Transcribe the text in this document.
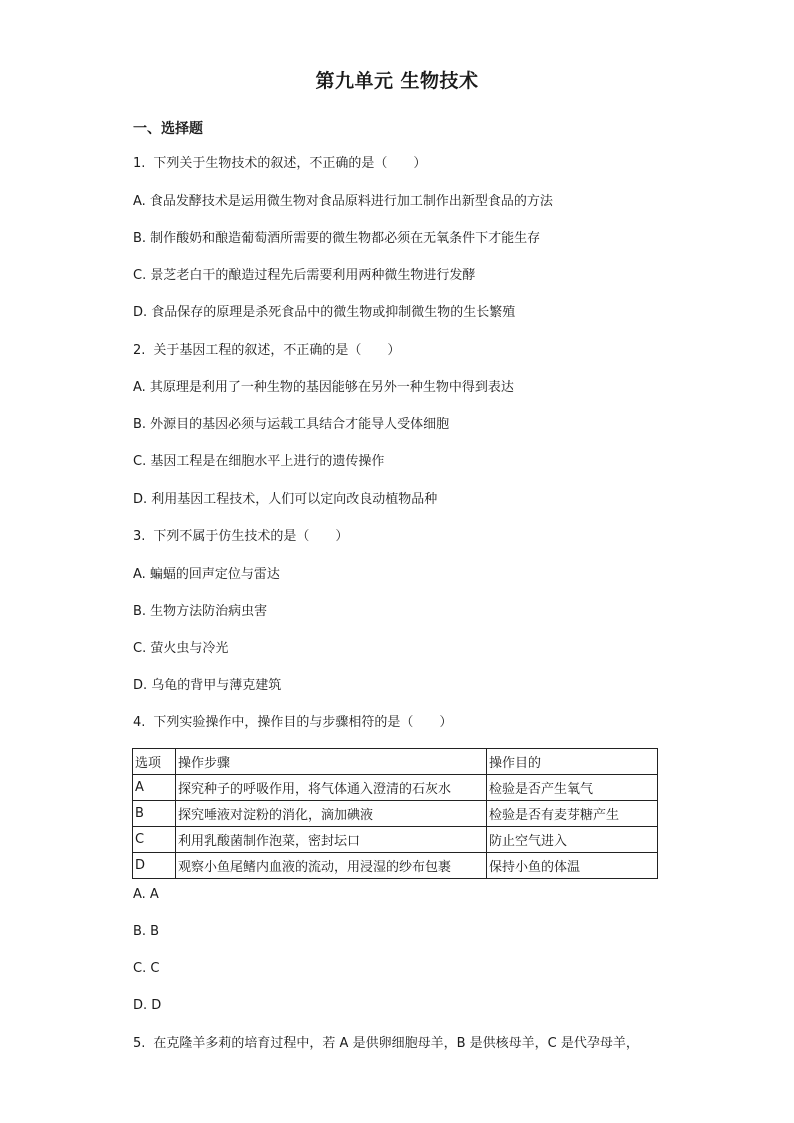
第九单元 生物技术
一、选择题
1. 下列关于生物技术的叙述，不正确的是（　　）
A. 食品发酵技术是运用微生物对食品原料进行加工制作出新型食品的方法
B. 制作酸奶和酿造葡萄酒所需要的微生物都必须在无氧条件下才能生存
C. 景芝老白干的酿造过程先后需要利用两种微生物进行发酵
D. 食品保存的原理是杀死食品中的微生物或抑制微生物的生长繁殖
2. 关于基因工程的叙述，不正确的是（　　）
A. 其原理是利用了一种生物的基因能够在另外一种生物中得到表达
B. 外源目的基因必须与运载工具结合才能导人受体细胞
C. 基因工程是在细胞水平上进行的遗传操作
D. 利用基因工程技术，人们可以定向改良动植物品种
3. 下列不属于仿生技术的是（　　）
A. 蝙蝠的回声定位与雷达
B. 生物方法防治病虫害
C. 萤火虫与冷光
D. 乌龟的背甲与薄克建筑
4. 下列实验操作中，操作目的与步骤相符的是（　　）
选项	操作步骤	操作目的
A	探究种子的呼吸作用，将气体通入澄清的石灰水	检验是否产生氧气
B	探究唾液对淀粉的消化，滴加碘液	检验是否有麦芽糖产生
C	利用乳酸菌制作泡菜，密封坛口	防止空气进入
D	观察小鱼尾鳍内血液的流动，用浸湿的纱布包裹	保持小鱼的体温
A. A
B. B
C. C
D. D
5. 在克隆羊多莉的培育过程中，若 A 是供卵细胞母羊，B 是供核母羊，C 是代孕母羊，
